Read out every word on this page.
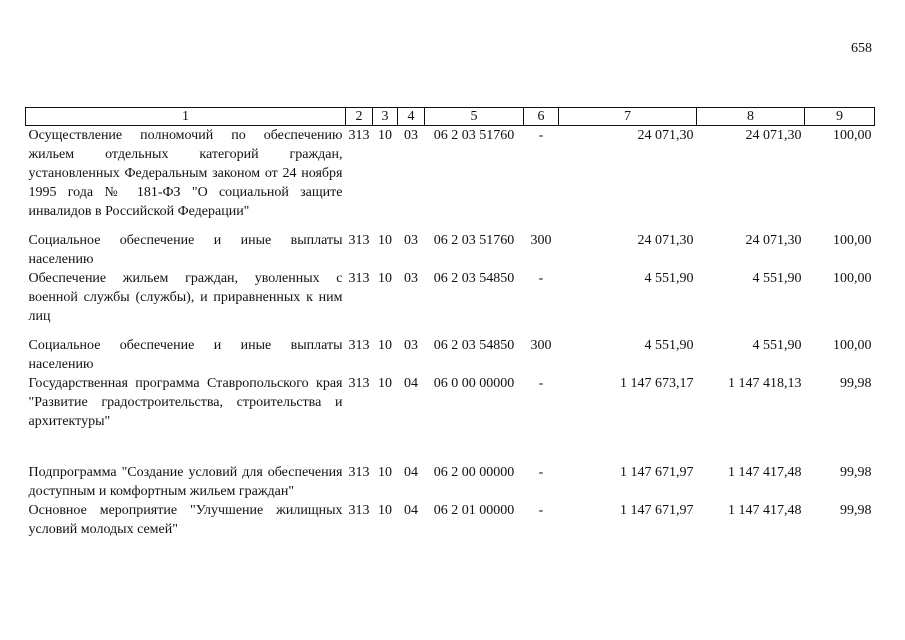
658
1	2	3	4	5	6	7	8	9
Осуществление полномочий по обеспечению жильем отдельных категорий граждан, установленных Федеральным законом от 24 ноября 1995 года № 181-ФЗ "О социальной защите инвалидов в Российской Федерации"	313	10	03	06 2 03 51760	-	24 071,30	24 071,30	100,00
Социальное обеспечение и иные выплаты населению	313	10	03	06 2 03 51760	300	24 071,30	24 071,30	100,00
Обеспечение жильем граждан, уволенных с военной службы (службы), и приравненных к ним лиц	313	10	03	06 2 03 54850	-	4 551,90	4 551,90	100,00
Социальное обеспечение и иные выплаты населению	313	10	03	06 2 03 54850	300	4 551,90	4 551,90	100,00
Государственная программа Ставропольского края "Развитие градостроительства, строительства и архитектуры"	313	10	04	06 0 00 00000	-	1 147 673,17	1 147 418,13	99,98
Подпрограмма "Создание условий для обеспечения доступным и комфортным жильем граждан"	313	10	04	06 2 00 00000	-	1 147 671,97	1 147 417,48	99,98
Основное мероприятие "Улучшение жилищных условий молодых семей"	313	10	04	06 2 01 00000	-	1 147 671,97	1 147 417,48	99,98
